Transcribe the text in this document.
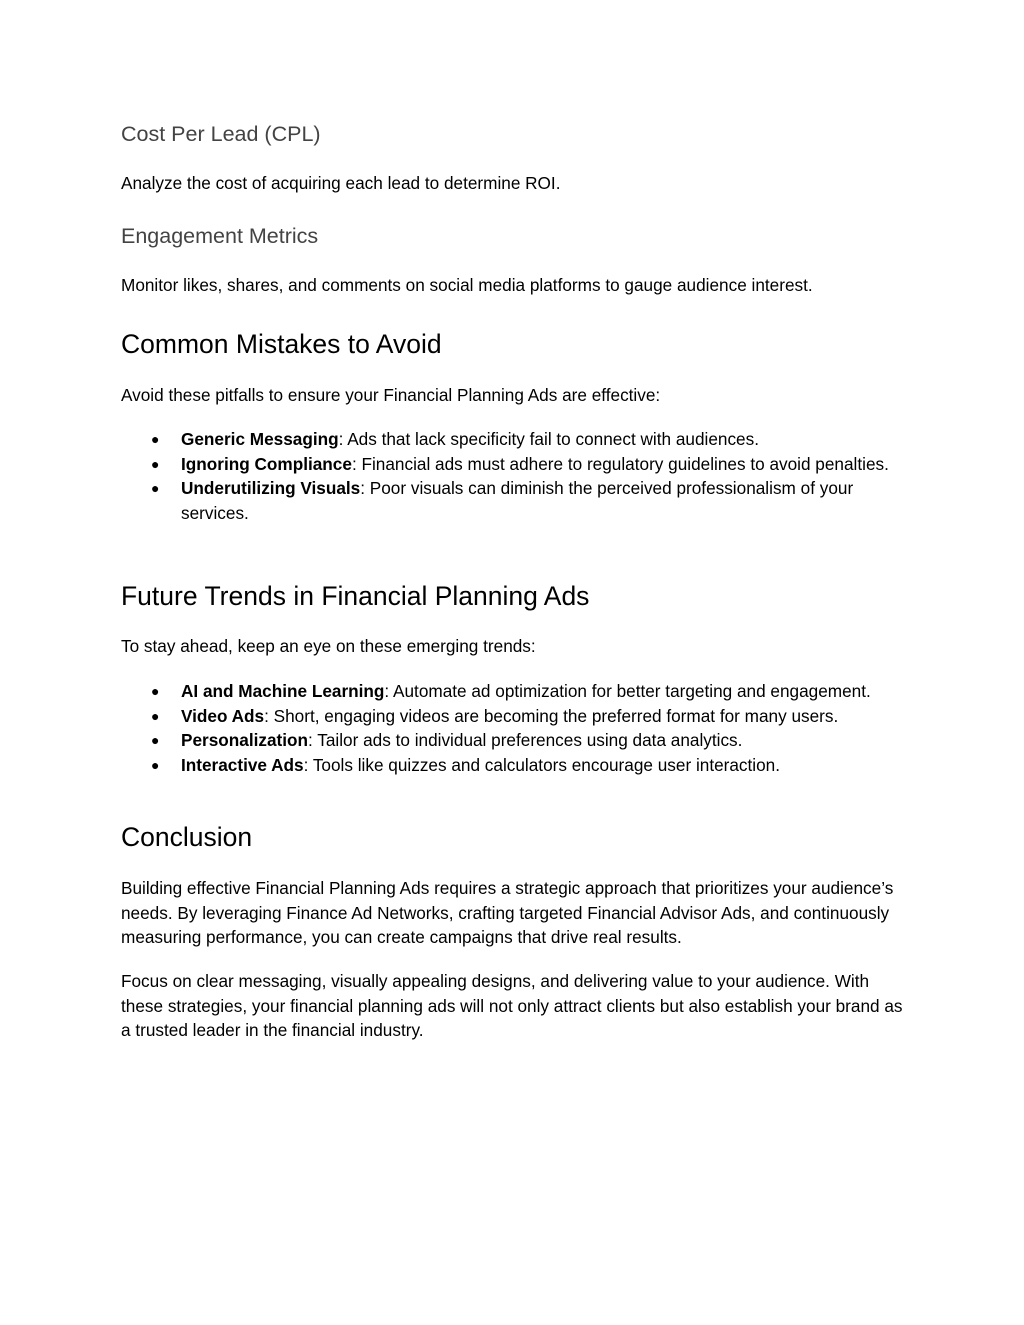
Cost Per Lead (CPL)

Analyze the cost of acquiring each lead to determine ROI.

Engagement Metrics

Monitor likes, shares, and comments on social media platforms to gauge audience interest.

Common Mistakes to Avoid

Avoid these pitfalls to ensure your Financial Planning Ads are effective:

● Generic Messaging: Ads that lack specificity fail to connect with audiences.
● Ignoring Compliance: Financial ads must adhere to regulatory guidelines to avoid penalties.
● Underutilizing Visuals: Poor visuals can diminish the perceived professionalism of your services.
Future Trends in Financial Planning Ads

To stay ahead, keep an eye on these emerging trends:

● AI and Machine Learning: Automate ad optimization for better targeting and engagement.
● Video Ads: Short, engaging videos are becoming the preferred format for many users.
● Personalization: Tailor ads to individual preferences using data analytics.
● Interactive Ads: Tools like quizzes and calculators encourage user interaction.
Conclusion

Building effective Financial Planning Ads requires a strategic approach that prioritizes your audience’s needs. By leveraging Finance Ad Networks, crafting targeted Financial Advisor Ads, and continuously measuring performance, you can create campaigns that drive real results.

Focus on clear messaging, visually appealing designs, and delivering value to your audience. With these strategies, your financial planning ads will not only attract clients but also establish your brand as a trusted leader in the financial industry.
